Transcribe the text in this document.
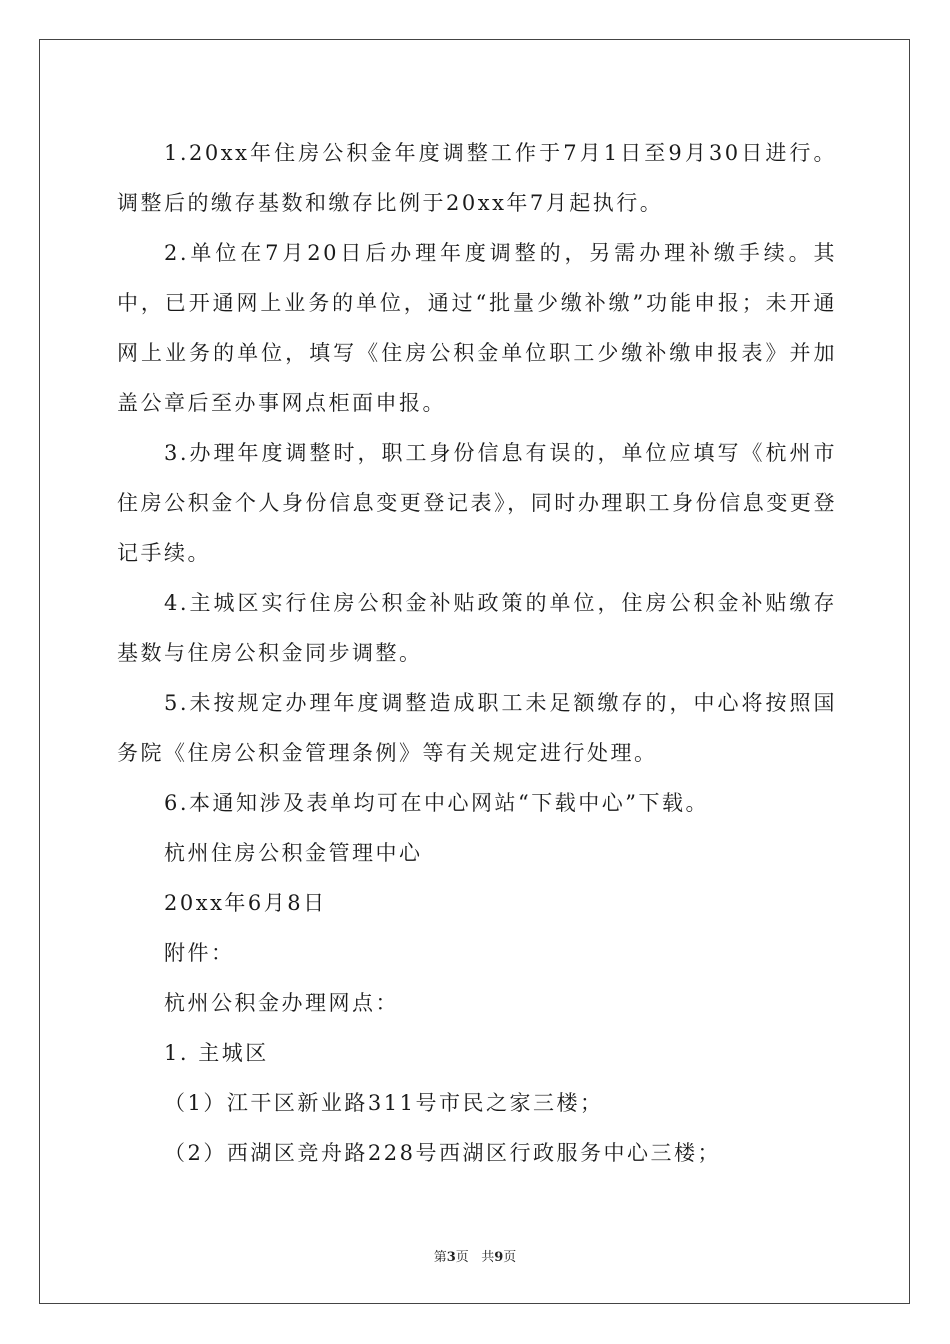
1.20xx年住房公积金年度调整工作于7月1日至9月30日进行。调整后的缴存基数和缴存比例于20xx年7月起执行。

2.单位在7月20日后办理年度调整的，另需办理补缴手续。其中，已开通网上业务的单位，通过“批量少缴补缴”功能申报；未开通网上业务的单位，填写《住房公积金单位职工少缴补缴申报表》并加盖公章后至办事网点柜面申报。

3.办理年度调整时，职工身份信息有误的，单位应填写《杭州市住房公积金个人身份信息变更登记表》，同时办理职工身份信息变更登记手续。

4.主城区实行住房公积金补贴政策的单位，住房公积金补贴缴存基数与住房公积金同步调整。

5.未按规定办理年度调整造成职工未足额缴存的，中心将按照国务院《住房公积金管理条例》等有关规定进行处理。

6.本通知涉及表单均可在中心网站“下载中心”下载。

杭州住房公积金管理中心

20xx年6月8日

附件：

杭州公积金办理网点：

1. 主城区

（1）江干区新业路311号市民之家三楼；

（2）西湖区竞舟路228号西湖区行政服务中心三楼；

第3页   共9页
